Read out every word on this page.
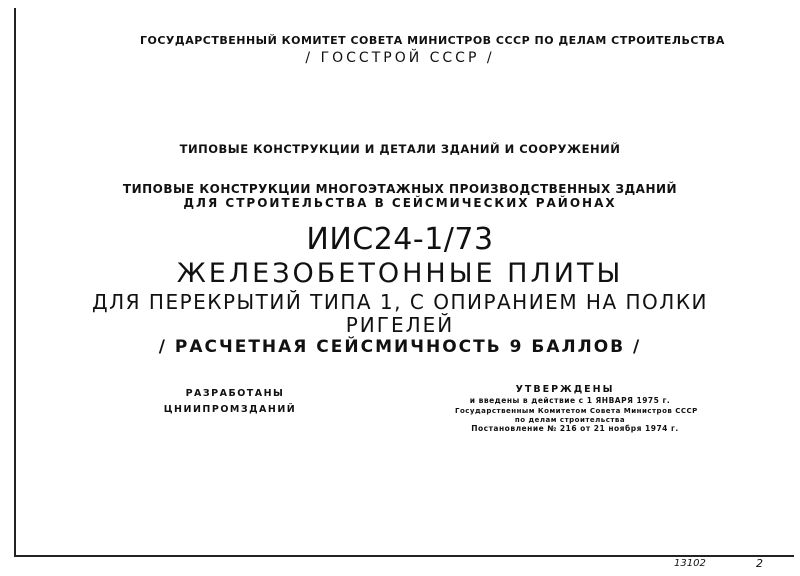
ГОСУДАРСТВЕННЫЙ КОМИТЕТ СОВЕТА МИНИСТРОВ СССР ПО ДЕЛАМ СТРОИТЕЛЬСТВА
/ ГОССТРОЙ СССР /
ТИПОВЫЕ КОНСТРУКЦИИ И ДЕТАЛИ ЗДАНИЙ И СООРУЖЕНИЙ
ТИПОВЫЕ КОНСТРУКЦИИ МНОГОЭТАЖНЫХ ПРОИЗВОДСТВЕННЫХ ЗДАНИЙ
ДЛЯ СТРОИТЕЛЬСТВА В СЕЙСМИЧЕСКИХ РАЙОНАХ
ИИС24-1/73
ЖЕЛЕЗОБЕТОННЫЕ ПЛИТЫ
ДЛЯ ПЕРЕКРЫТИЙ ТИПА 1, С ОПИРАНИЕМ НА ПОЛКИ
РИГЕЛЕЙ
/ РАСЧЕТНАЯ СЕЙСМИЧНОСТЬ 9 БАЛЛОВ /
РАЗРАБОТАНЫ
ЦНИИПРОМЗДАНИЙ
УТВЕРЖДЕНЫ
и введены в действие с 1 ЯНВАРЯ 1975 г.
Государственным Комитетом Совета Министров СССР
по делам строительства
Постановление № 216 от 21 ноября 1974 г.
13102	2
